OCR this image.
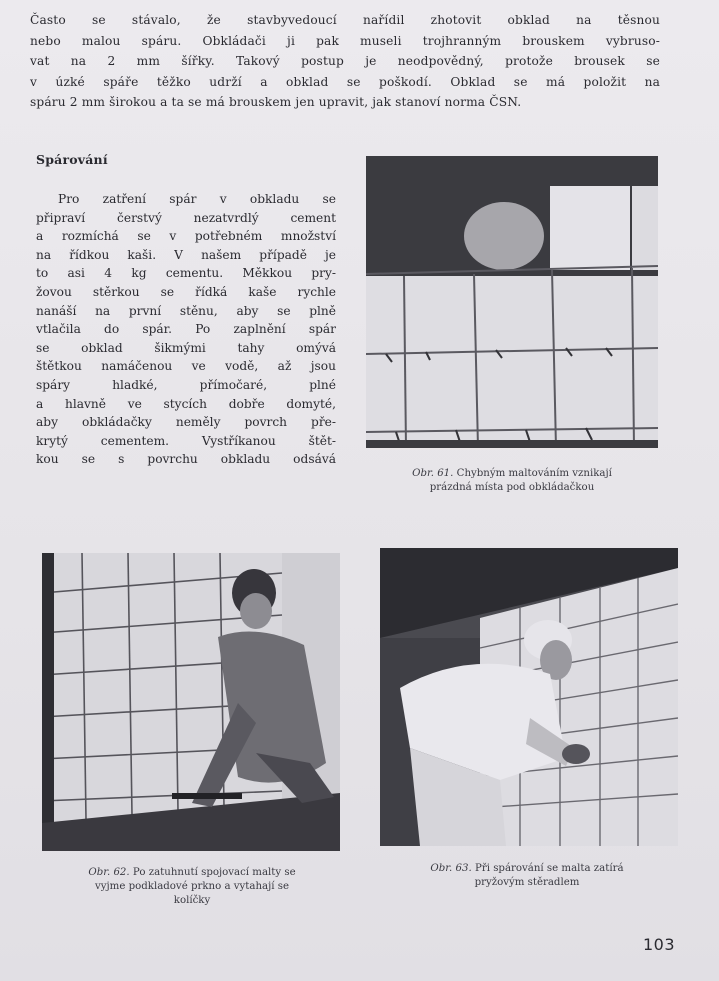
Často se stávalo, že stavbyvedoucí nařídil zhotovit obklad na těsnou
nebo malou spáru. Obkládači ji pak museli trojhranným brouskem vybruso-
vat na 2 mm šířky. Takový postup je neodpovědný, protože brousek se
v úzké spáře těžko udrží a obklad se poškodí. Obklad se má položit na
spáru 2 mm širokou a ta se má brouskem jen upravit, jak stanoví norma ČSN.
Spárování
Pro zatření spár v obkladu se
připraví čerstvý nezatvrdlý cement
a rozmíchá se v potřebném množství
na řídkou kaši. V našem případě je
to asi 4 kg cementu. Měkkou pry-
žovou stěrkou se řídká kaše rychle
nanáší na první stěnu, aby se plně
vtlačila do spár. Po zaplnění spár
se obklad šikmými tahy omývá
štětkou namáčenou ve vodě, až jsou
spáry hladké, přímočaré, plné
a hlavně ve stycích dobře domyté,
aby obkládačky neměly povrch pře-
krytý cementem. Vystříkanou štět-
kou se s povrchu obkladu odsává
Obr. 61. Chybným maltováním vznikají
prázdná místa pod obkládačkou
Obr. 62. Po zatuhnutí spojovací malty se
vyjme podkladové prkno a vytahají se
kolíčky
Obr. 63. Při spárování se malta zatírá
pryžovým stěradlem
103
